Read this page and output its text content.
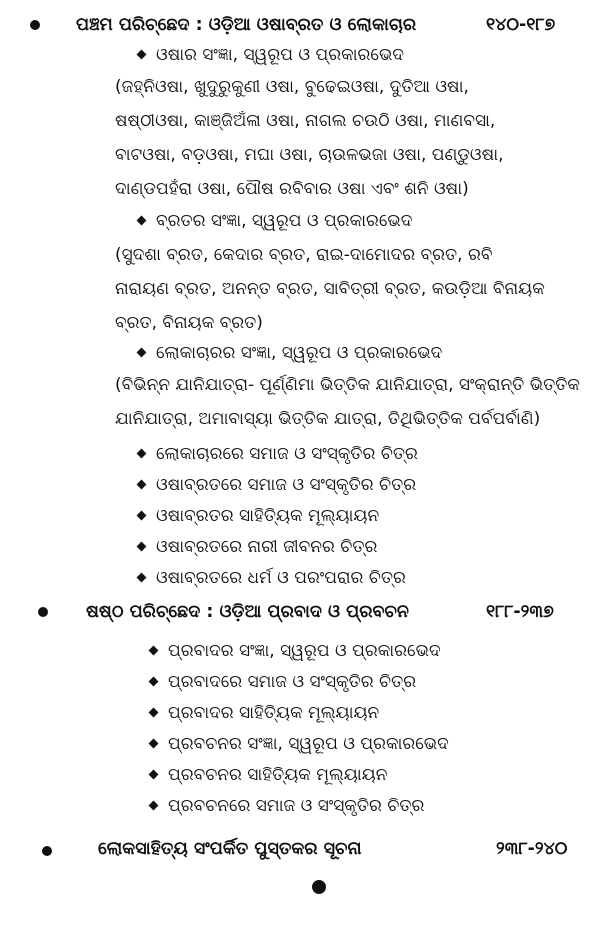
ପଞ୍ଚମ ପରିଚ୍ଛେଦ : ଓଡ଼ିଆ ଓଷାବ୍ରତ ଓ ଲୋକାଚାର	୧୪୦-୧୮୭
ଓଷାର ସଂଜ୍ଞା, ସ୍ୱରୂପ ଓ ପ୍ରକାରଭେଦ
(ଜହ୍ନିଓଷା, ଖୁଦୁରୁକୁଣୀ ଓଷା, ବୁଢେଇଓଷା, ଦୁତିଆ ଓଷା,
ଷଷ୍ଠୀଓଷା, କାଞ୍ଜିଅଁଳା ଓଷା, ନାଗଲ ଚଉଠି ଓଷା, ମାଣବସା,
ବାଟଓଷା, ବଡ଼ଓଷା, ମଘା ଓଷା, ଚାଉଳଭଜା ଓଷା, ପଣ୍ଡୁଓଷା,
ଦାଣ୍ଡପହଁରା ଓଷା, ପୌଷ ରବିବାର ଓଷା ଏବଂ ଶନି ଓଷା)
ବ୍ରତର ସଂଜ୍ଞା, ସ୍ୱରୂପ ଓ ପ୍ରକାରଭେଦ
(ସୁଦଶା ବ୍ରତ, କେଦାର ବ୍ରତ, ରାଇ-ଦାମୋଦର ବ୍ରତ, ରବି
ନାରାୟଣ ବ୍ରତ, ଅନନ୍ତ ବ୍ରତ, ସାବିତ୍ରୀ ବ୍ରତ, କଉଡ଼ିଆ ବିନାୟକ
ବ୍ରତ, ବିନାୟକ ବ୍ରତ)
ଲୋକାଚାରର ସଂଜ୍ଞା, ସ୍ୱରୂପ ଓ ପ୍ରକାରଭେଦ
(ବିଭିନ୍ନ ଯାନିଯାତ୍ରା- ପୂର୍ଣ୍ଣିମା ଭିତ୍ତିକ ଯାନିଯାତ୍ରା, ସଂକ୍ରାନ୍ତି ଭିତ୍ତିକ
ଯାନିଯାତ୍ରା, ଅମାବାସ୍ୟା ଭିତ୍ତିକ ଯାତ୍ରା, ତିଥିଭିତ୍ତିକ ପର୍ବପର୍ବାଣି)
ଲୋକାଚାରରେ ସମାଜ ଓ ସଂସ୍କୃତିର ଚିତ୍ର
ଓଷାବ୍ରତରେ ସମାଜ ଓ ସଂସ୍କୃତିର ଚିତ୍ର
ଓଷାବ୍ରତର ସାହିତ୍ୟିକ ମୂଲ୍ୟାୟନ
ଓଷାବ୍ରତରେ ନାରୀ ଜୀବନର ଚିତ୍ର
ଓଷାବ୍ରତରେ ଧର୍ମ ଓ ପରଂପରାର ଚିତ୍ର
ଷଷ୍ଠ ପରିଚ୍ଛେଦ : ଓଡ଼ିଆ ପ୍ରବାଦ ଓ ପ୍ରବଚନ	୧୮୮-୨୩୭
ପ୍ରବାଦର ସଂଜ୍ଞା, ସ୍ୱରୂପ ଓ ପ୍ରକାରଭେଦ
ପ୍ରବାଦରେ ସମାଜ ଓ ସଂସ୍କୃତିର ଚିତ୍ର
ପ୍ରବାଦର ସାହିତ୍ୟିକ ମୂଲ୍ୟାୟନ
ପ୍ରବଚନର ସଂଜ୍ଞା, ସ୍ୱରୂପ ଓ ପ୍ରକାରଭେଦ
ପ୍ରବଚନର ସାହିତ୍ୟିକ ମୂଲ୍ୟାୟନ
ପ୍ରବଚନରେ ସମାଜ ଓ ସଂସ୍କୃତିର ଚିତ୍ର
ଲୋକସାହିତ୍ୟ ସଂପର୍କିତ ପୁସ୍ତକର ସୂଚନା	୨୩୮-୨୪୦
